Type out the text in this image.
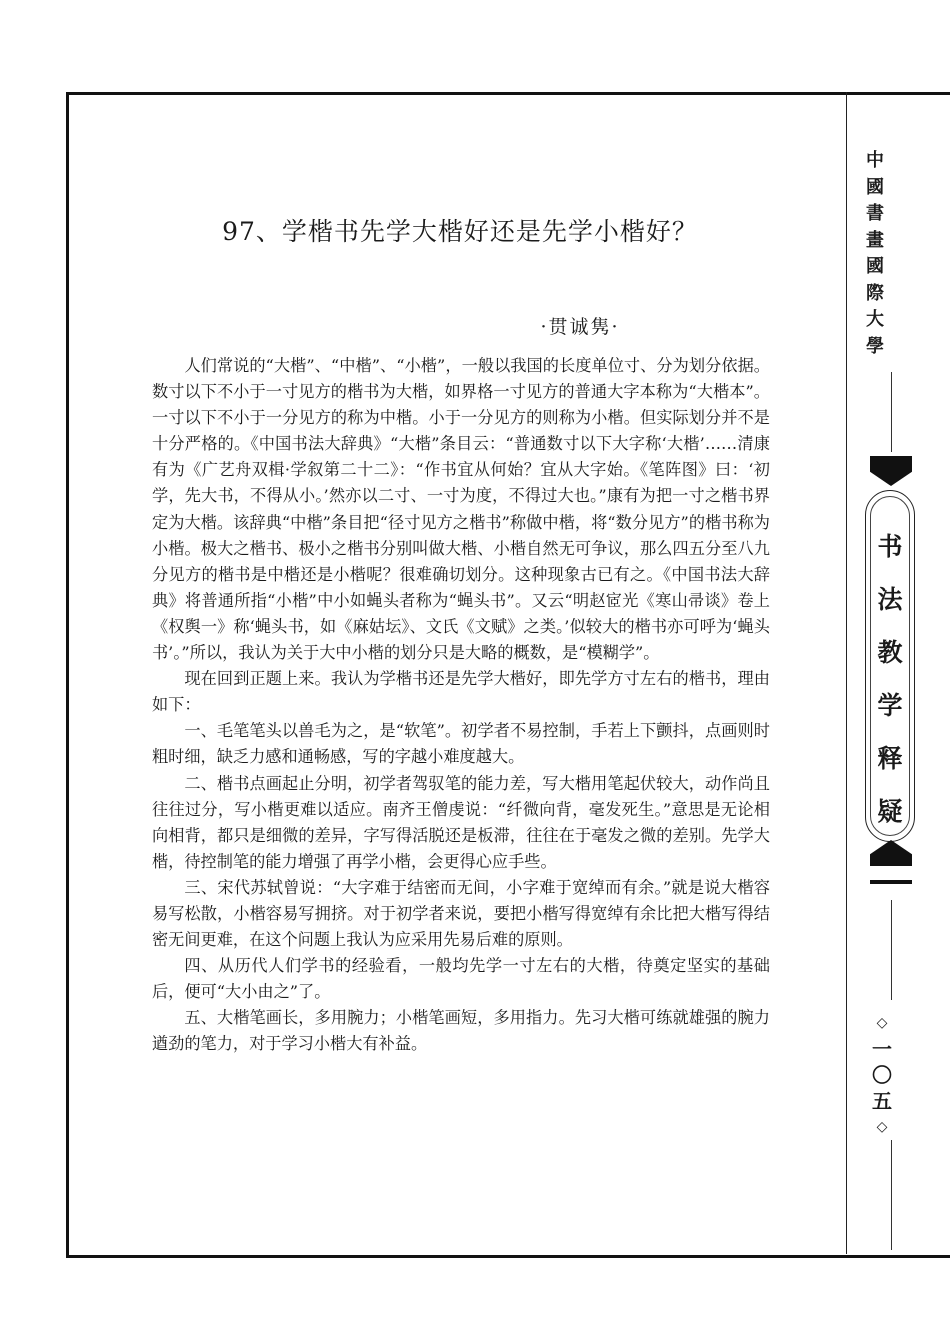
97、学楷书先学大楷好还是先学小楷好？
·贯诚隽·

人们常说的“大楷”、“中楷”、“小楷”，一般以我国的长度单位寸、分为划分依据。数寸以下不小于一寸见方的楷书为大楷，如界格一寸见方的普通大字本称为“大楷本”。一寸以下不小于一分见方的称为中楷。小于一分见方的则称为小楷。但实际划分并不是十分严格的。《中国书法大辞典》“大楷”条目云：“普通数寸以下大字称‘大楷’……清康有为《广艺舟双楫·学叙第二十二》：“作书宜从何始？宜从大字始。《笔阵图》曰：‘初学，先大书，不得从小。’然亦以二寸、一寸为度，不得过大也。”康有为把一寸之楷书界定为大楷。该辞典“中楷”条目把“径寸见方之楷书”称做中楷，将“数分见方”的楷书称为小楷。极大之楷书、极小之楷书分别叫做大楷、小楷自然无可争议，那么四五分至八九分见方的楷书是中楷还是小楷呢？很难确切划分。这种现象古已有之。《中国书法大辞典》将普通所指“小楷”中小如蝇头者称为“蝇头书”。又云“明赵宧光《寒山帚谈》卷上《权舆一》称‘蝇头书，如《麻姑坛》、文氏《文赋》之类。’似较大的楷书亦可呼为‘蝇头书’。”所以，我认为关于大中小楷的划分只是大略的概数，是“模糊学”。

现在回到正题上来。我认为学楷书还是先学大楷好，即先学方寸左右的楷书，理由如下：

一、毛笔笔头以兽毛为之，是“软笔”。初学者不易控制，手若上下颤抖，点画则时粗时细，缺乏力感和通畅感，写的字越小难度越大。

二、楷书点画起止分明，初学者驾驭笔的能力差，写大楷用笔起伏较大，动作尚且往往过分，写小楷更难以适应。南齐王僧虔说：“纤微向背，毫发死生。”意思是无论相向相背，都只是细微的差异，字写得活脱还是板滞，往往在于毫发之微的差别。先学大楷，待控制笔的能力增强了再学小楷，会更得心应手些。

三、宋代苏轼曾说：“大字难于结密而无间，小字难于宽绰而有余。”就是说大楷容易写松散，小楷容易写拥挤。对于初学者来说，要把小楷写得宽绰有余比把大楷写得结密无间更难，在这个问题上我认为应采用先易后难的原则。

四、从历代人们学书的经验看，一般均先学一寸左右的大楷，待奠定坚实的基础后，便可“大小由之”了。

五、大楷笔画长，多用腕力；小楷笔画短，多用指力。先习大楷可练就雄强的腕力遒劲的笔力，对于学习小楷大有补益。

中
國
書
畫
國
際
大
學
书
法
教
学
释
疑
◇
一
〇
五
◇
